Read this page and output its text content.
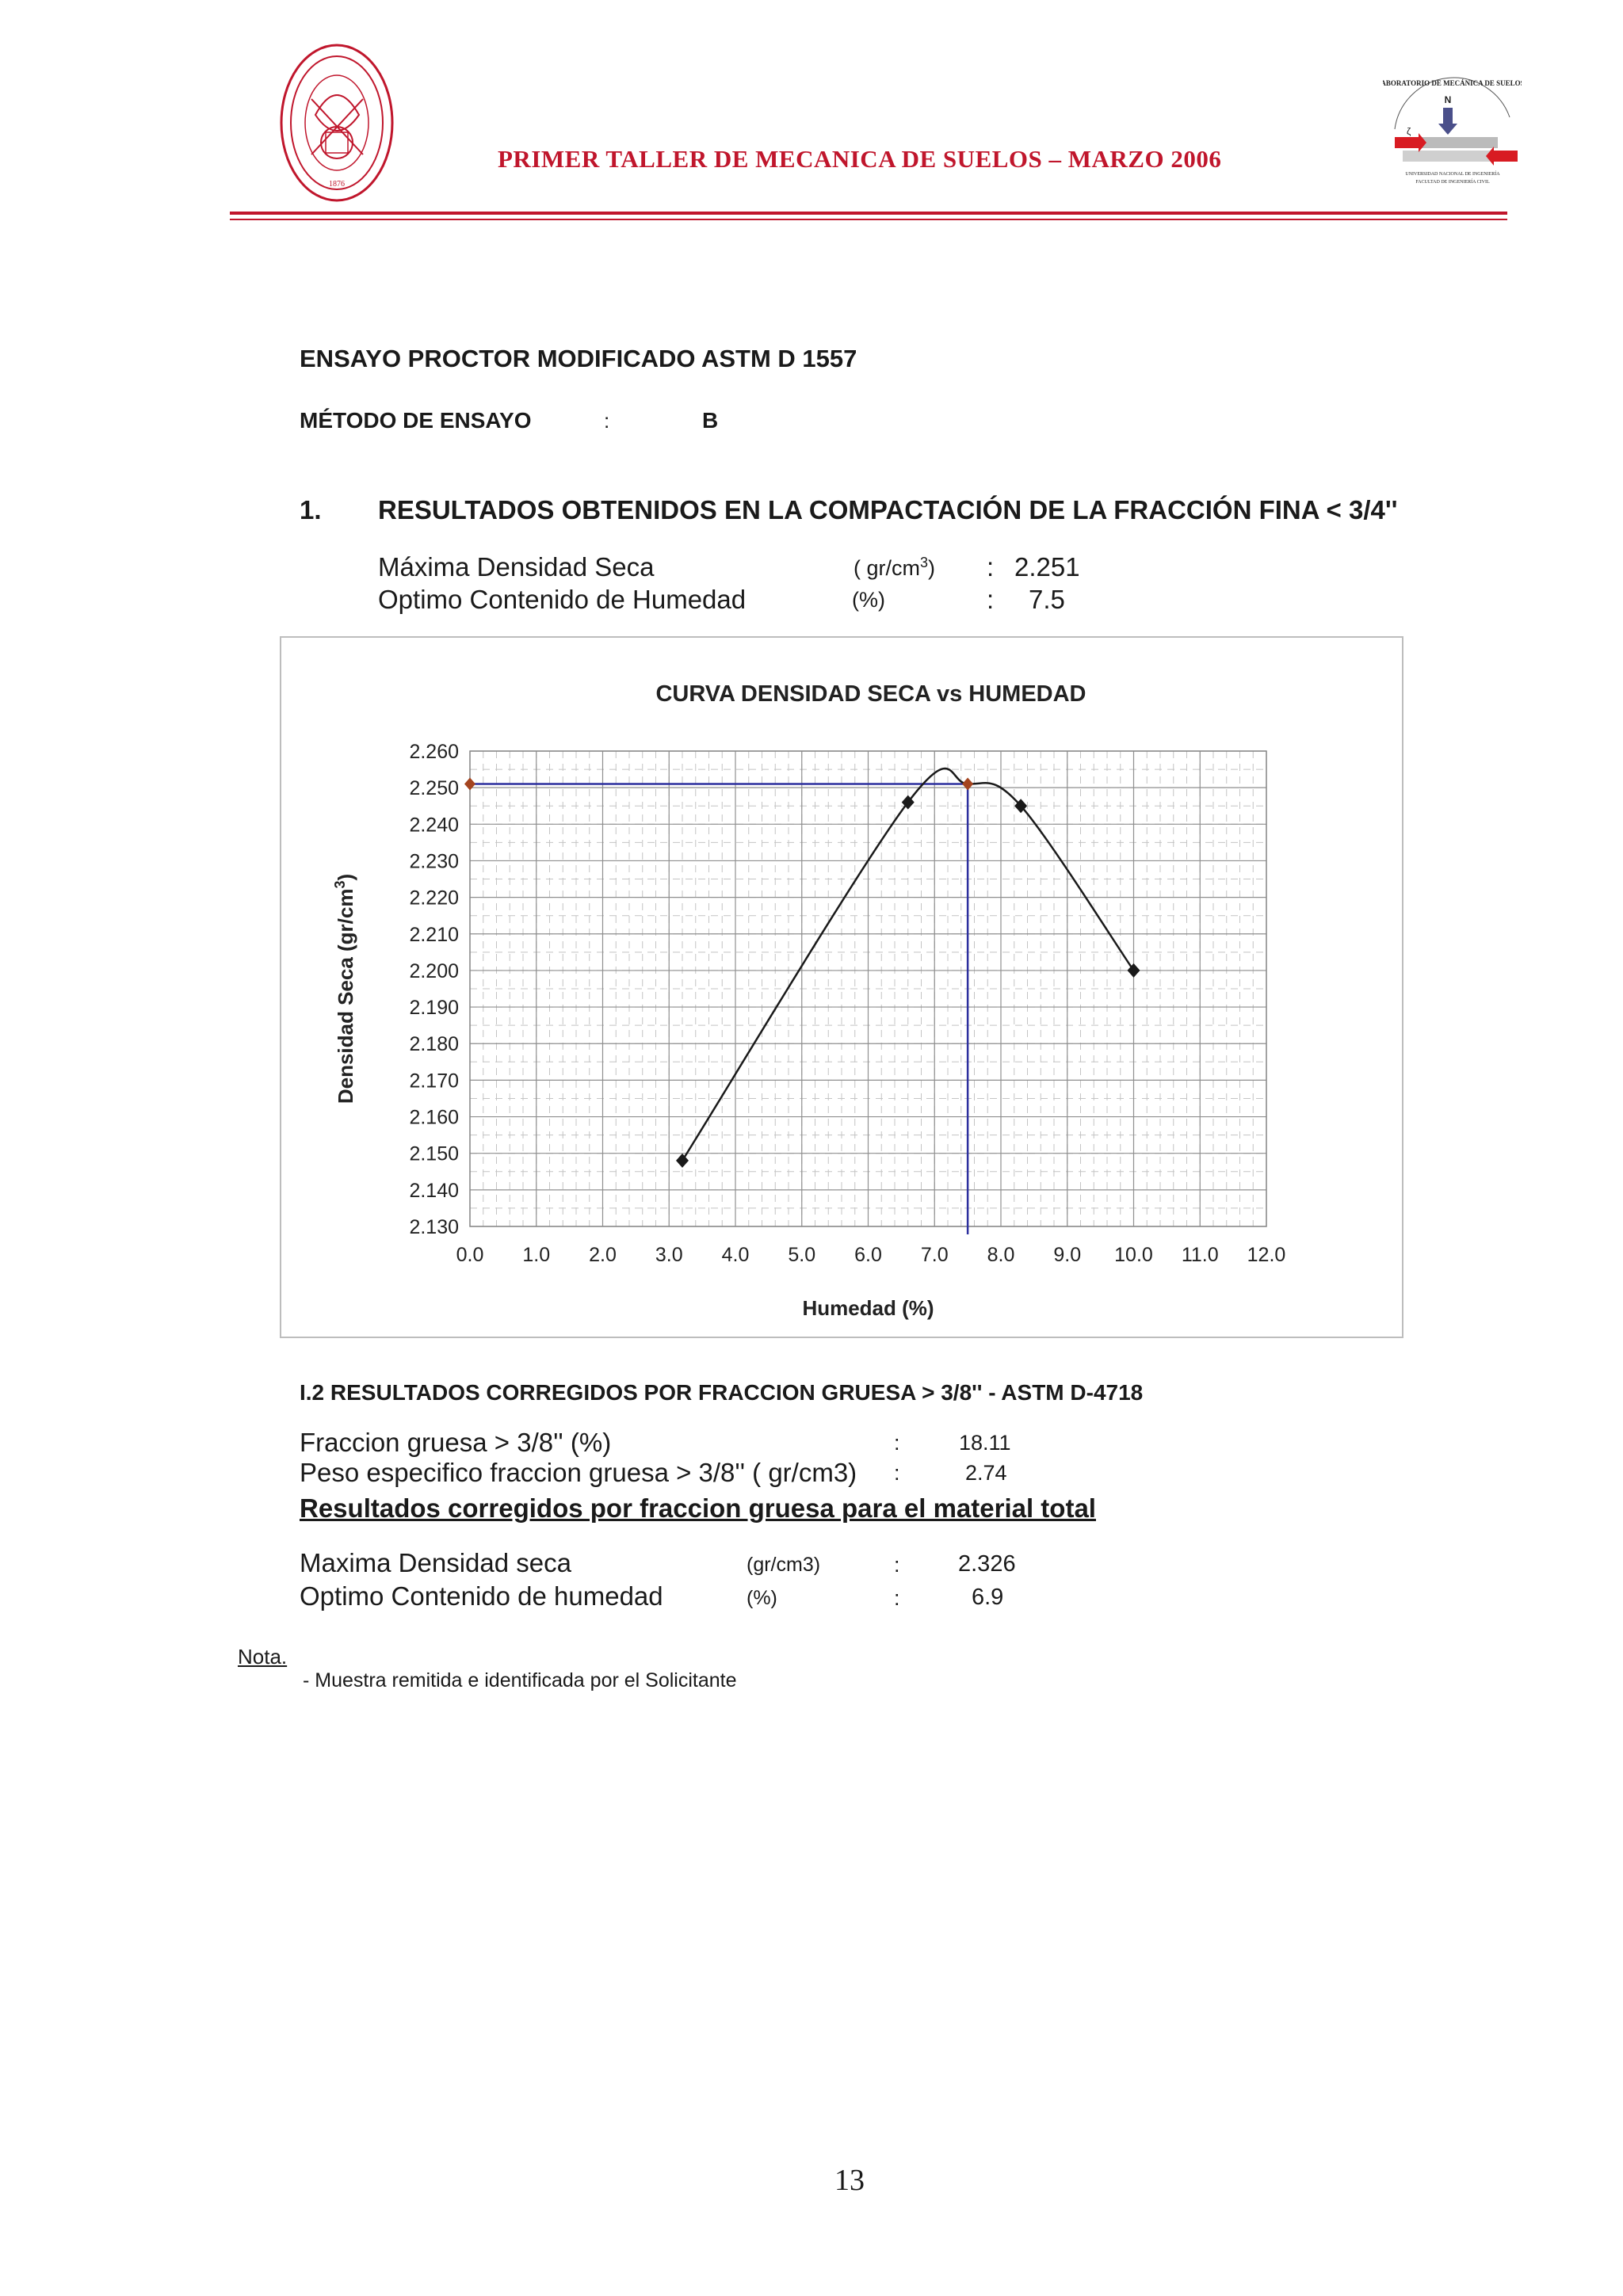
1876
PRIMER TALLER DE MECANICA DE SUELOS – MARZO 2006
LABORATORIO DE MECÁNICA DE SUELOS
N
ζ
UNIVERSIDAD NACIONAL DE INGENIERÍA
FACULTAD DE INGENIERÍA CIVIL
ENSAYO PROCTOR MODIFICADO ASTM D 1557
MÉTODO DE ENSAYO	:	B
1. RESULTADOS OBTENIDOS EN LA COMPACTACIÓN DE LA FRACCIÓN FINA < 3/4''
Máxima Densidad Seca	( $gr/cm^3$) : 2.251
Optimo Contenido de Humedad	(%)	: 7.5
CURVA DENSIDAD SECA vs HUMEDAD
2.260
2.250
2.240
2.230
2.220
2.210
2.200
2.190
2.180
2.170
2.160
2.150
2.140
2.130
0.0 1.0 2.0 3.0 4.0 5.0 6.0 7.0 8.0 9.0 10.0 11.0 12.0
Humedad (%)
Densidad Seca $(gr/cm^3)$
I.2 RESULTADOS CORREGIDOS POR FRACCION GRUESA > 3/8'' - ASTM D-4718
Fraccion gruesa > 3/8'' (%)	:	18.11
Peso especifico fraccion gruesa > 3/8'' ( gr/cm3) :	2.74
Resultados corregidos por fraccion gruesa para el material total
Maxima Densidad seca	(gr/cm3)	:	2.326
Optimo Contenido de humedad	(%)	:	6.9
Nota.
- Muestra remitida e identificada por el Solicitante
13
